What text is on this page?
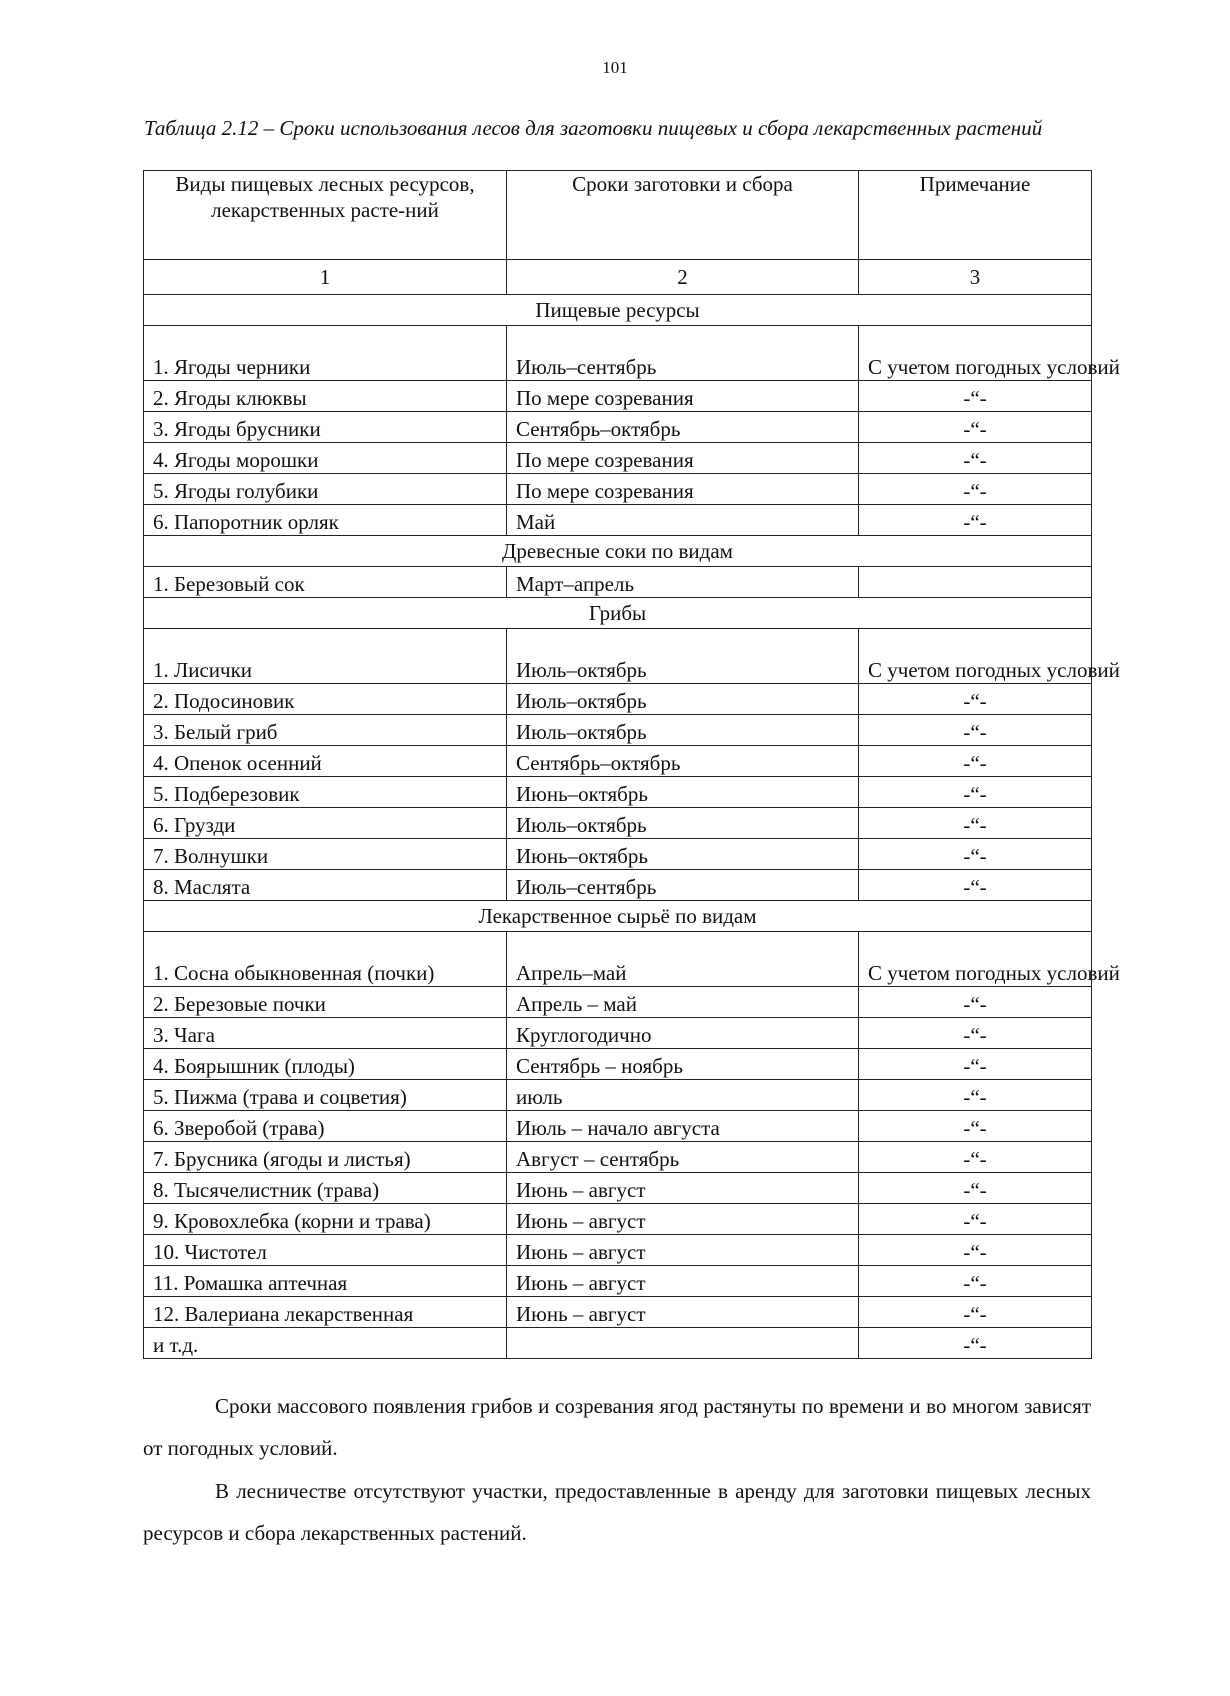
101
Таблица 2.12 – Сроки использования лесов для заготовки пищевых и сбора лекарственных растений
Виды пищевых лесных ресурсов, лекарственных расте-ний	Сроки заготовки и сбора	Примечание
1	2	3
Пищевые ресурсы		
1. Ягоды черники	Июль–сентябрь	С учетом погодных условий
2. Ягоды клюквы	По мере созревания	-“-
3. Ягоды брусники	Сентябрь–октябрь	-“-
4. Ягоды морошки	По мере созревания	-“-
5. Ягоды голубики	По мере созревания	-“-
6. Папоротник орляк	Май	-“-
Древесные соки по видам		
1. Березовый сок	Март–апрель	
Грибы		
1. Лисички	Июль–октябрь	С учетом погодных условий
2. Подосиновик	Июль–октябрь	-“-
3. Белый гриб	Июль–октябрь	-“-
4. Опенок осенний	Сентябрь–октябрь	-“-
5. Подберезовик	Июнь–октябрь	-“-
6. Грузди	Июль–октябрь	-“-
7. Волнушки	Июнь–октябрь	-“-
8. Маслята	Июль–сентябрь	-“-
Лекарственное сырьё по видам		
1. Сосна обыкновенная (почки)	Апрель–май	С учетом погодных условий
2. Березовые почки	Апрель – май	-“-
3. Чага	Круглогодично	-“-
4. Боярышник (плоды)	Сентябрь – ноябрь	-“-
5. Пижма (трава и соцветия)	июль	-“-
6. Зверобой (трава)	Июль – начало августа	-“-
7. Брусника (ягоды и листья)	Август – сентябрь	-“-
8. Тысячелистник (трава)	Июнь – август	-“-
9. Кровохлебка (корни и трава)	Июнь – август	-“-
10. Чистотел	Июнь – август	-“-
11. Ромашка аптечная	Июнь – август	-“-
12. Валериана лекарственная	Июнь – август	-“-
и т.д.		-“-
Сроки массового появления грибов и созревания ягод растянуты по времени и во многом зависят от погодных условий.
В лесничестве отсутствуют участки, предоставленные в аренду для заготовки пищевых лесных ресурсов и сбора лекарственных растений.
